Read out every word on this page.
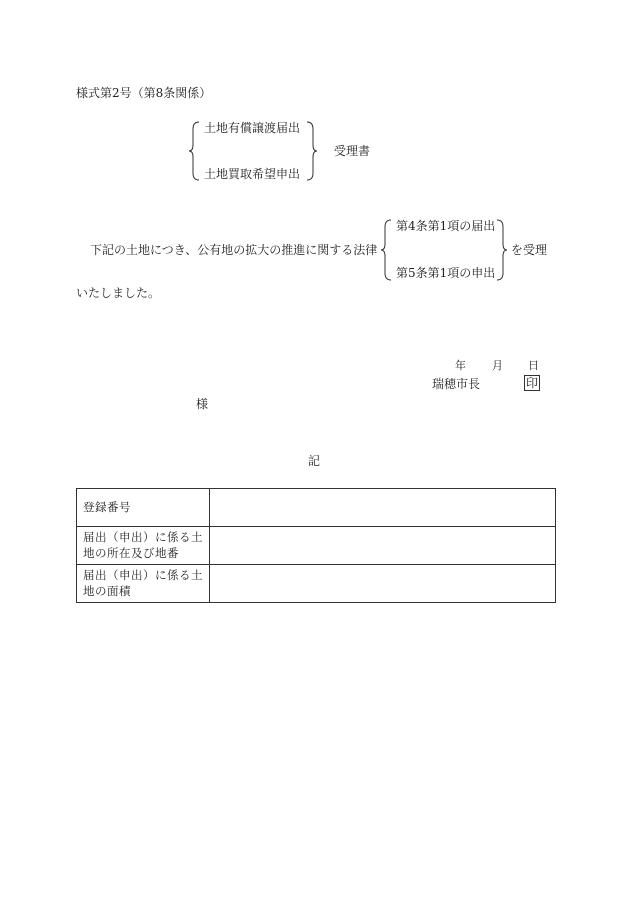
様式第2号（第8条関係）
土地有償譲渡届出
土地買取希望申出
受理書
下記の土地につき、公有地の拡大の推進に関する法律
第4条第1項の届出
第5条第1項の申出
を受理
いたしました。
年 月 日
瑞穂市長	印
様
記
登録番号	
届出（申出）に係る土地の所在及び地番	
届出（申出）に係る土地の面積	
